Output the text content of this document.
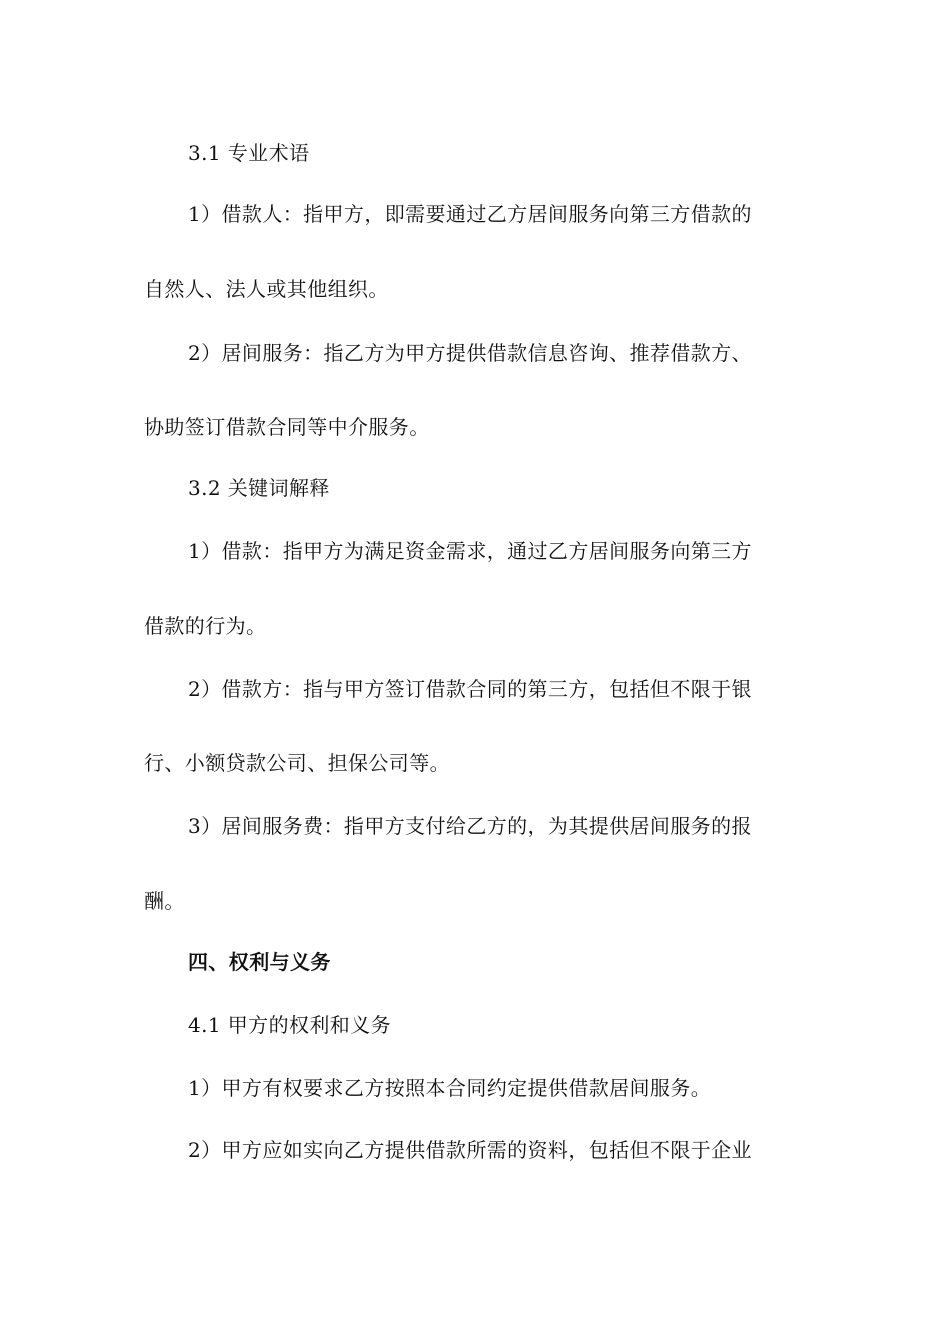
3.1 专业术语
1）借款人：指甲方，即需要通过乙方居间服务向第三方借款的
自然人、法人或其他组织。
2）居间服务：指乙方为甲方提供借款信息咨询、推荐借款方、
协助签订借款合同等中介服务。
3.2 关键词解释
1）借款：指甲方为满足资金需求，通过乙方居间服务向第三方
借款的行为。
2）借款方：指与甲方签订借款合同的第三方，包括但不限于银
行、小额贷款公司、担保公司等。
3）居间服务费：指甲方支付给乙方的，为其提供居间服务的报
酬。
四、权利与义务
4.1 甲方的权利和义务
1）甲方有权要求乙方按照本合同约定提供借款居间服务。
2）甲方应如实向乙方提供借款所需的资料，包括但不限于企业
